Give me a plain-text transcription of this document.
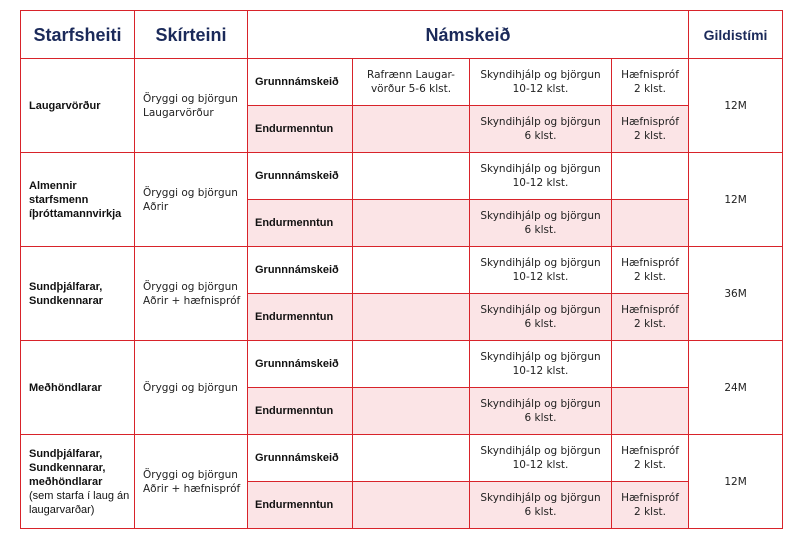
Starfsheiti	Skírteini	Námskeið				Gildistími

Laugarvörður	Öryggi og björgun Laugarvörður	Grunnnámskeið	Rafrænn Laugar-vörður 5-6 klst.	Skyndihjálp og björgun 10-12 klst.	Hæfnispróf 2 klst.	12M
		Endurmenntun		Skyndihjálp og björgun 6 klst.	Hæfnispróf 2 klst.	

Almennir starfsmenn íþróttamannvirkja	Öryggi og björgun Aðrir	Grunnnámskeið		Skyndihjálp og björgun 10-12 klst.		12M
		Endurmenntun		Skyndihjálp og björgun 6 klst.		

Sundþjálfarar,
Sundkennarar	Öryggi og björgun Aðrir + hæfnispróf	Grunnnámskeið		Skyndihjálp og björgun 10-12 klst.	Hæfnispróf 2 klst.	36M
		Endurmenntun		Skyndihjálp og björgun 6 klst.	Hæfnispróf 2 klst.	

Meðhöndlarar	Öryggi og björgun	Grunnnámskeið		Skyndihjálp og björgun 10-12 klst.		24M
		Endurmenntun		Skyndihjálp og björgun 6 klst.		

Sundþjálfarar,
Sundkennarar,
meðhöndlarar
(sem starfa í laug án laugarvarðar)	Öryggi og björgun Aðrir + hæfnispróf	Grunnnámskeið		Skyndihjálp og björgun 10-12 klst.	Hæfnispróf 2 klst.	12M
		Endurmenntun		Skyndihjálp og björgun 6 klst.	Hæfnispróf 2 klst.	
